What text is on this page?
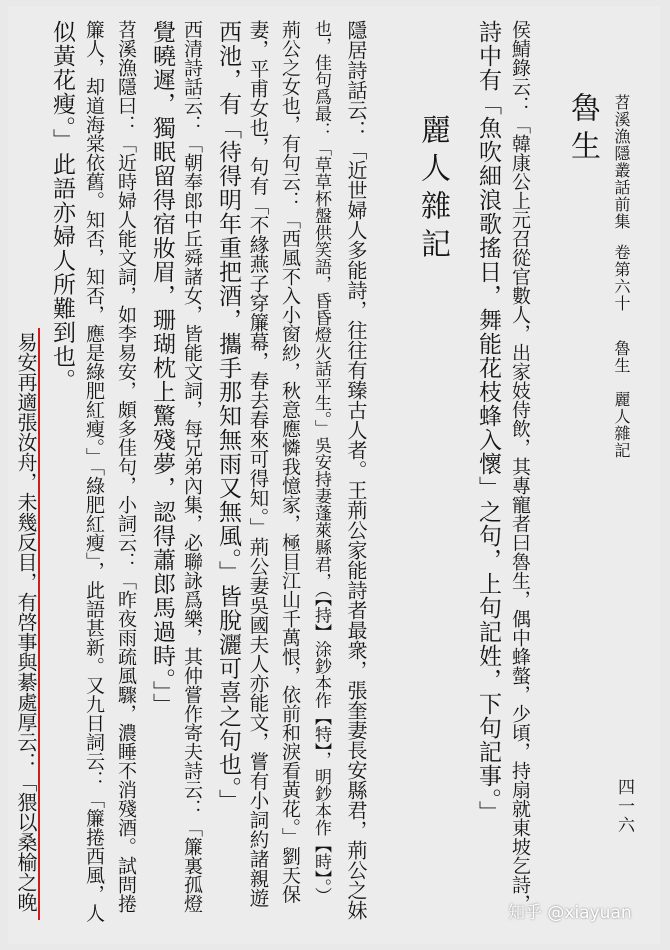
苕溪漁隱叢話前集卷第六十魯生　麗人雜記
四一六
魯生
侯鯖錄云：「韓康公上元召從官數人，出家妓侍飲，其專寵者曰魯生，偶中蜂螫，少頃，持扇就東坡乞詩，
詩中有「魚吹細浪歌搖日，舞能花枝蜂入懷」之句，上句記姓，下句記事。」
麗人雜記
隱居詩話云：「近世婦人多能詩，往往有臻古人者。王荊公家能詩者最衆，張奎妻長安縣君，荊公之妹
也，佳句爲最：「草草杯盤供笑語，昏昏燈火話平生。」吳安持妻蓬萊縣君，（【持】涂鈔本作【特】，明鈔本作【時】。）
荊公之女也，有句云：「西風不入小窗紗，秋意應憐我憶家，極目江山千萬恨，依前和淚看黃花。」劉天保
妻，平甫女也，句有「不緣燕子穿簾幕，春去春來可得知。」荊公妻吳國夫人亦能文，嘗有小詞約諸親遊
西池，有「待得明年重把酒，攜手那知無雨又無風。」皆脫灑可喜之句也。」
西清詩話云：「朝奉郎中丘舜諸女，皆能文詞，每兄弟內集，必聯詠爲樂，其仲嘗作寄夫詩云：「簾裏孤燈
覺曉遲，獨眠留得宿妝眉，珊瑚枕上驚殘夢，認得蕭郎馬過時。」」
苕溪漁隱曰：「近時婦人能文詞，如李易安，頗多佳句，小詞云：「昨夜雨疏風驟，濃睡不消殘酒。試問捲
簾人，却道海棠依舊。知否，知否，應是綠肥紅瘦。」「綠肥紅瘦」，此語甚新。又九日詞云：「簾捲西風，人
似黃花瘦。」此語亦婦人所難到也。
易安再適張汝舟，未幾反目，有啓事與綦處厚云：「猥以桑榆之晚
知乎 @xiayuan
